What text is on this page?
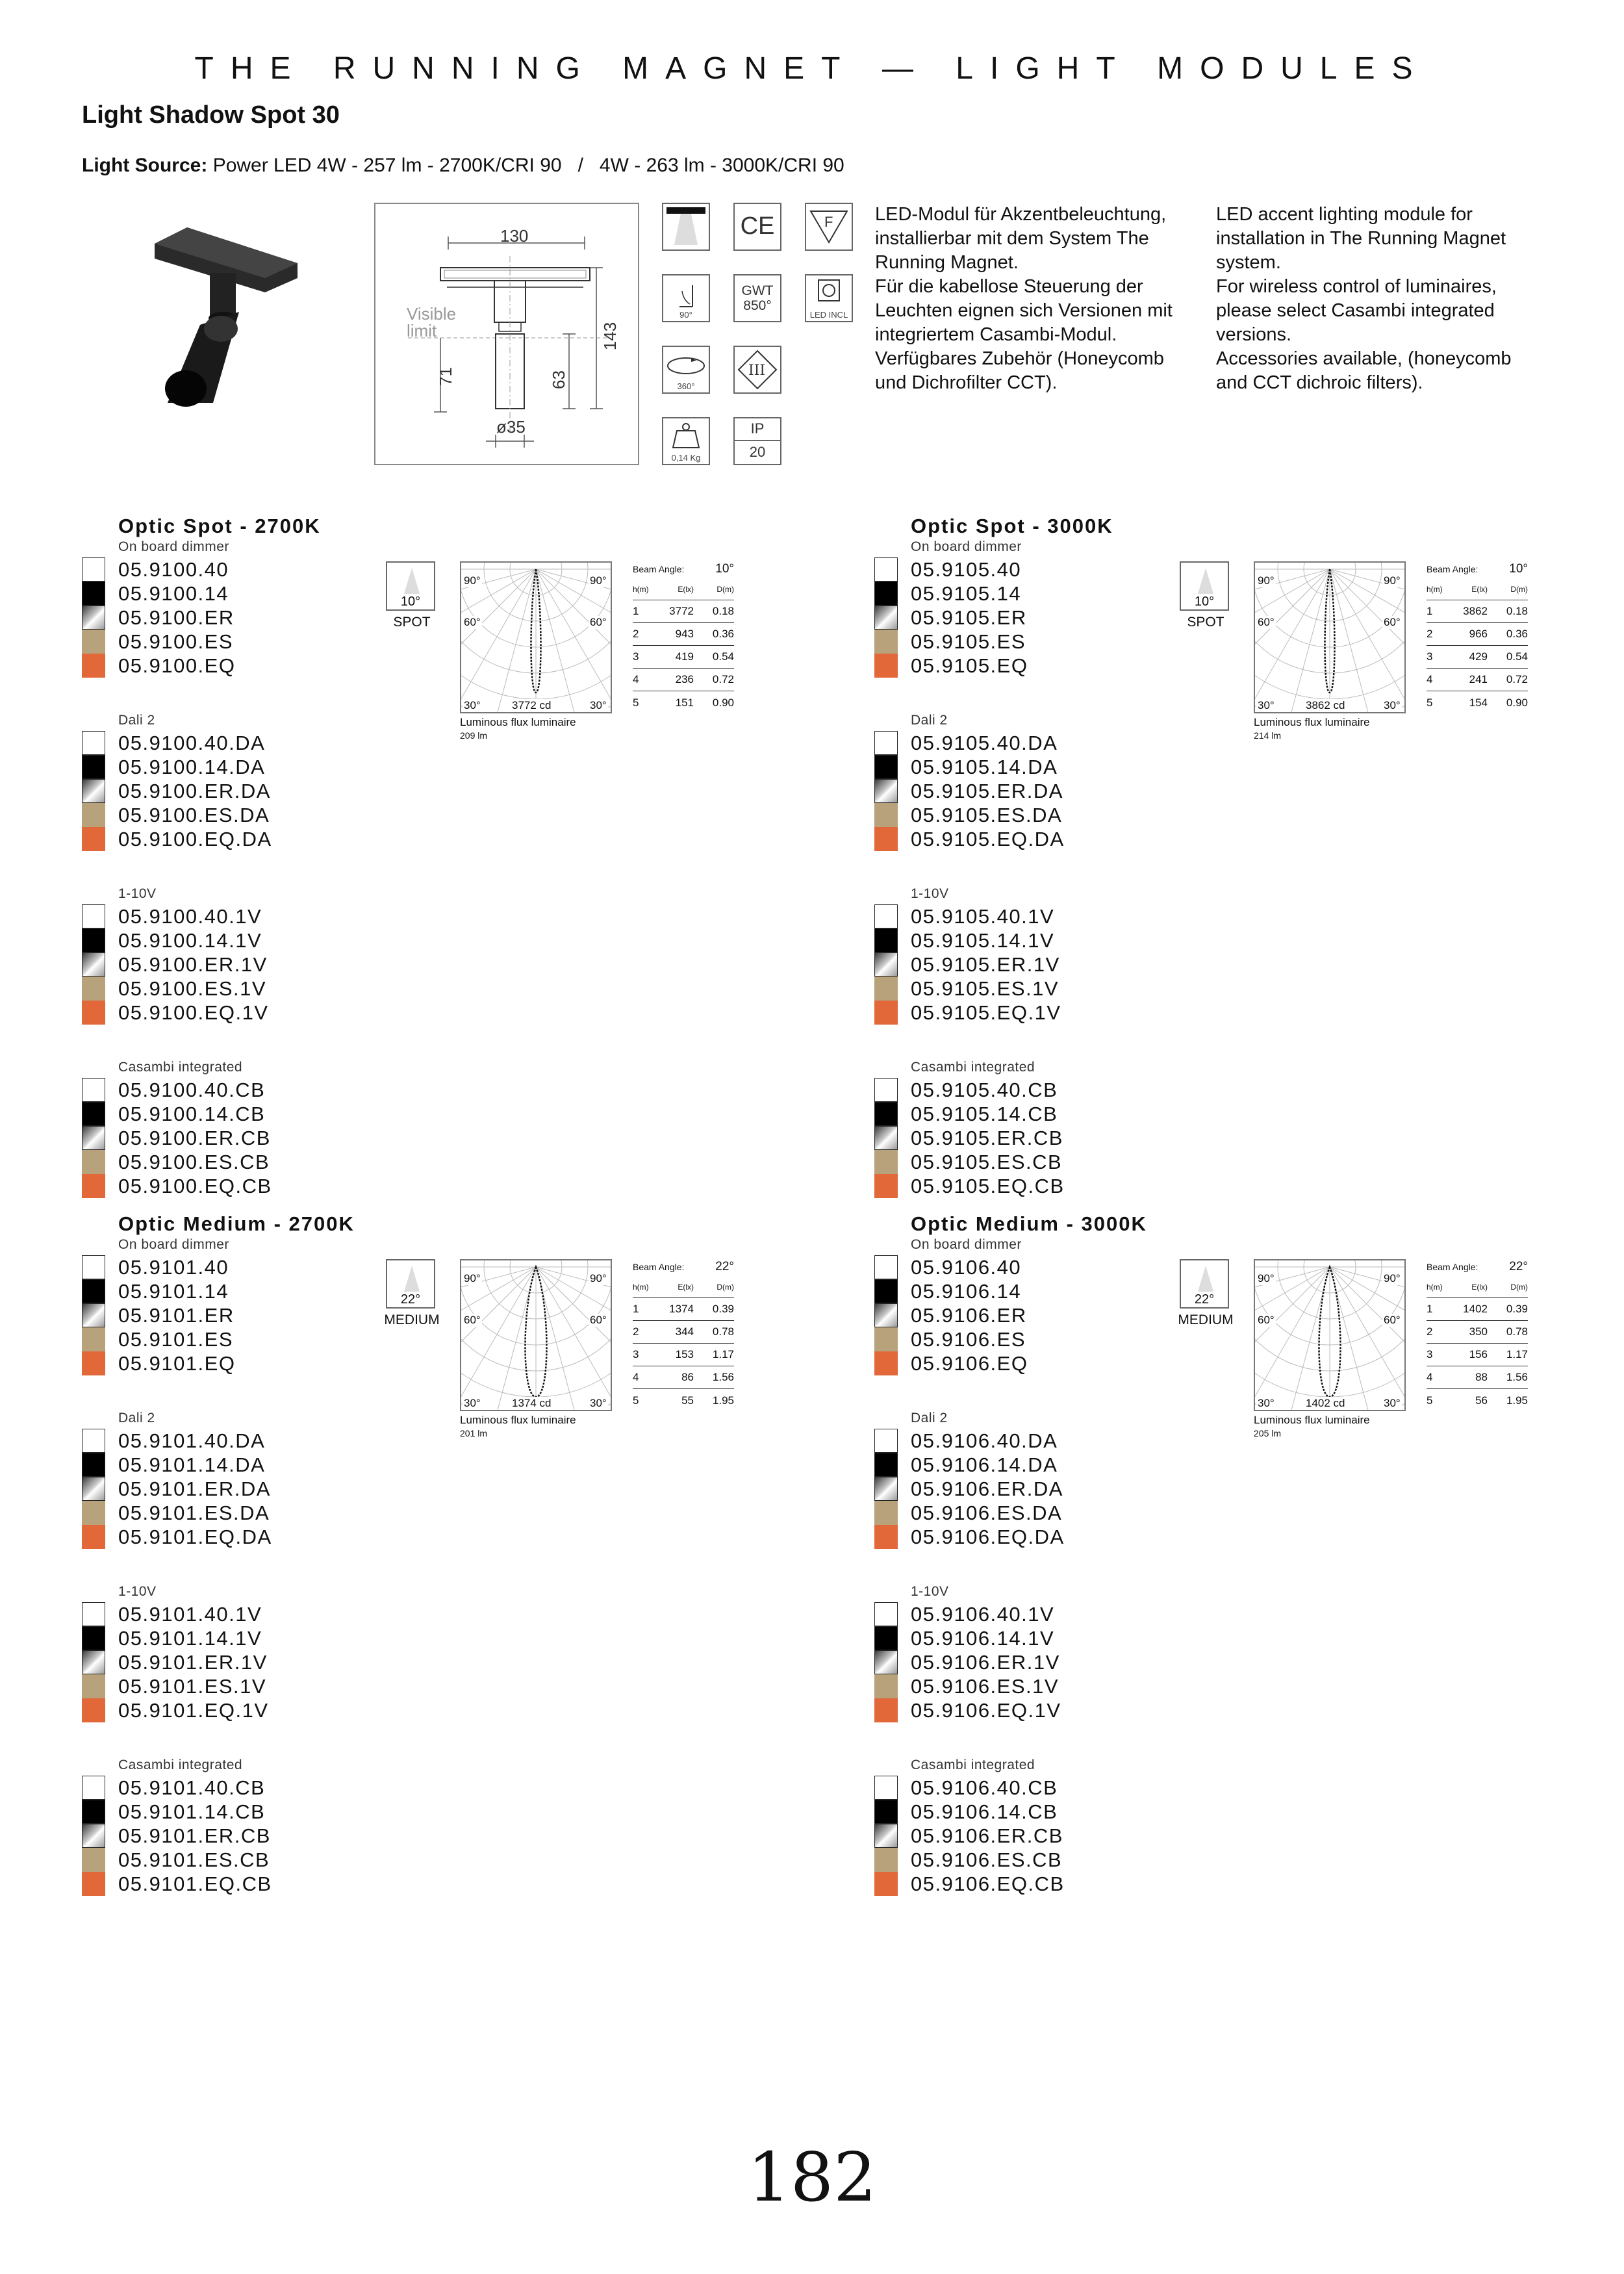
THE RUNNING MAGNET — LIGHT MODULES
Light Shadow Spot 30
Light Source: Power LED 4W - 257 lm - 2700K/CRI 90   /   4W - 263 lm - 3000K/CRI 90
130
Visible
limit	143
71	63
ø35
CE	F
90°
GWT
850°
LED INCL
360°
III
0,14 Kg
IP
20
LED-Modul für Akzentbeleuchtung,
installierbar mit dem System The
Running Magnet.
Für die kabellose Steuerung der
Leuchten eignen sich Versionen mit
integriertem Casambi-Modul.
Verfügbares Zubehör (Honeycomb
und Dichrofilter CCT).
LED accent lighting module for
installation in The Running Magnet
system.
For wireless control of luminaires,
please select Casambi integrated
versions.
Accessories available, (honeycomb
and CCT dichroic filters).
Optic Spot - 2700K
On board dimmer
05.9100.40
05.9100.14
05.9100.ER
05.9100.ES
05.9100.EQ
Dali 2
05.9100.40.DA
05.9100.14.DA
05.9100.ER.DA
05.9100.ES.DA
05.9100.EQ.DA
1-10V
05.9100.40.1V
05.9100.14.1V
05.9100.ER.1V
05.9100.ES.1V
05.9100.EQ.1V
Casambi integrated
05.9100.40.CB
05.9100.14.CB
05.9100.ER.CB
05.9100.ES.CB
05.9100.EQ.CB
10°
SPOT
90°	90°
60°	60°
30°	30°
3772 cd
Luminous flux luminaire
209 lm
Beam Angle:	10°
h(m)	E(lx)	D(m)
1	3772	0.18
2	943	0.36
3	419	0.54
4	236	0.72
5	151	0.90
Optic Spot - 3000K
On board dimmer
05.9105.40
05.9105.14
05.9105.ER
05.9105.ES
05.9105.EQ
Dali 2
05.9105.40.DA
05.9105.14.DA
05.9105.ER.DA
05.9105.ES.DA
05.9105.EQ.DA
1-10V
05.9105.40.1V
05.9105.14.1V
05.9105.ER.1V
05.9105.ES.1V
05.9105.EQ.1V
Casambi integrated
05.9105.40.CB
05.9105.14.CB
05.9105.ER.CB
05.9105.ES.CB
05.9105.EQ.CB
10°
SPOT
90°	90°
60°	60°
30°	30°
3862 cd
Luminous flux luminaire
214 lm
Beam Angle:	10°
h(m)	E(lx)	D(m)
1	3862	0.18
2	966	0.36
3	429	0.54
4	241	0.72
5	154	0.90
Optic Medium - 2700K
On board dimmer
05.9101.40
05.9101.14
05.9101.ER
05.9101.ES
05.9101.EQ
Dali 2
05.9101.40.DA
05.9101.14.DA
05.9101.ER.DA
05.9101.ES.DA
05.9101.EQ.DA
1-10V
05.9101.40.1V
05.9101.14.1V
05.9101.ER.1V
05.9101.ES.1V
05.9101.EQ.1V
Casambi integrated
05.9101.40.CB
05.9101.14.CB
05.9101.ER.CB
05.9101.ES.CB
05.9101.EQ.CB
22°
MEDIUM
90°	90°
60°	60°
30°	30°
1374 cd
Luminous flux luminaire
201 lm
Beam Angle:	22°
h(m)	E(lx)	D(m)
1	1374	0.39
2	344	0.78
3	153	1.17
4	86	1.56
5	55	1.95
Optic Medium - 3000K
On board dimmer
05.9106.40
05.9106.14
05.9106.ER
05.9106.ES
05.9106.EQ
Dali 2
05.9106.40.DA
05.9106.14.DA
05.9106.ER.DA
05.9106.ES.DA
05.9106.EQ.DA
1-10V
05.9106.40.1V
05.9106.14.1V
05.9106.ER.1V
05.9106.ES.1V
05.9106.EQ.1V
Casambi integrated
05.9106.40.CB
05.9106.14.CB
05.9106.ER.CB
05.9106.ES.CB
05.9106.EQ.CB
22°
MEDIUM
90°	90°
60°	60°
30°	30°
1402 cd
Luminous flux luminaire
205 lm
Beam Angle:	22°
h(m)	E(lx)	D(m)
1	1402	0.39
2	350	0.78
3	156	1.17
4	88	1.56
5	56	1.95
182
